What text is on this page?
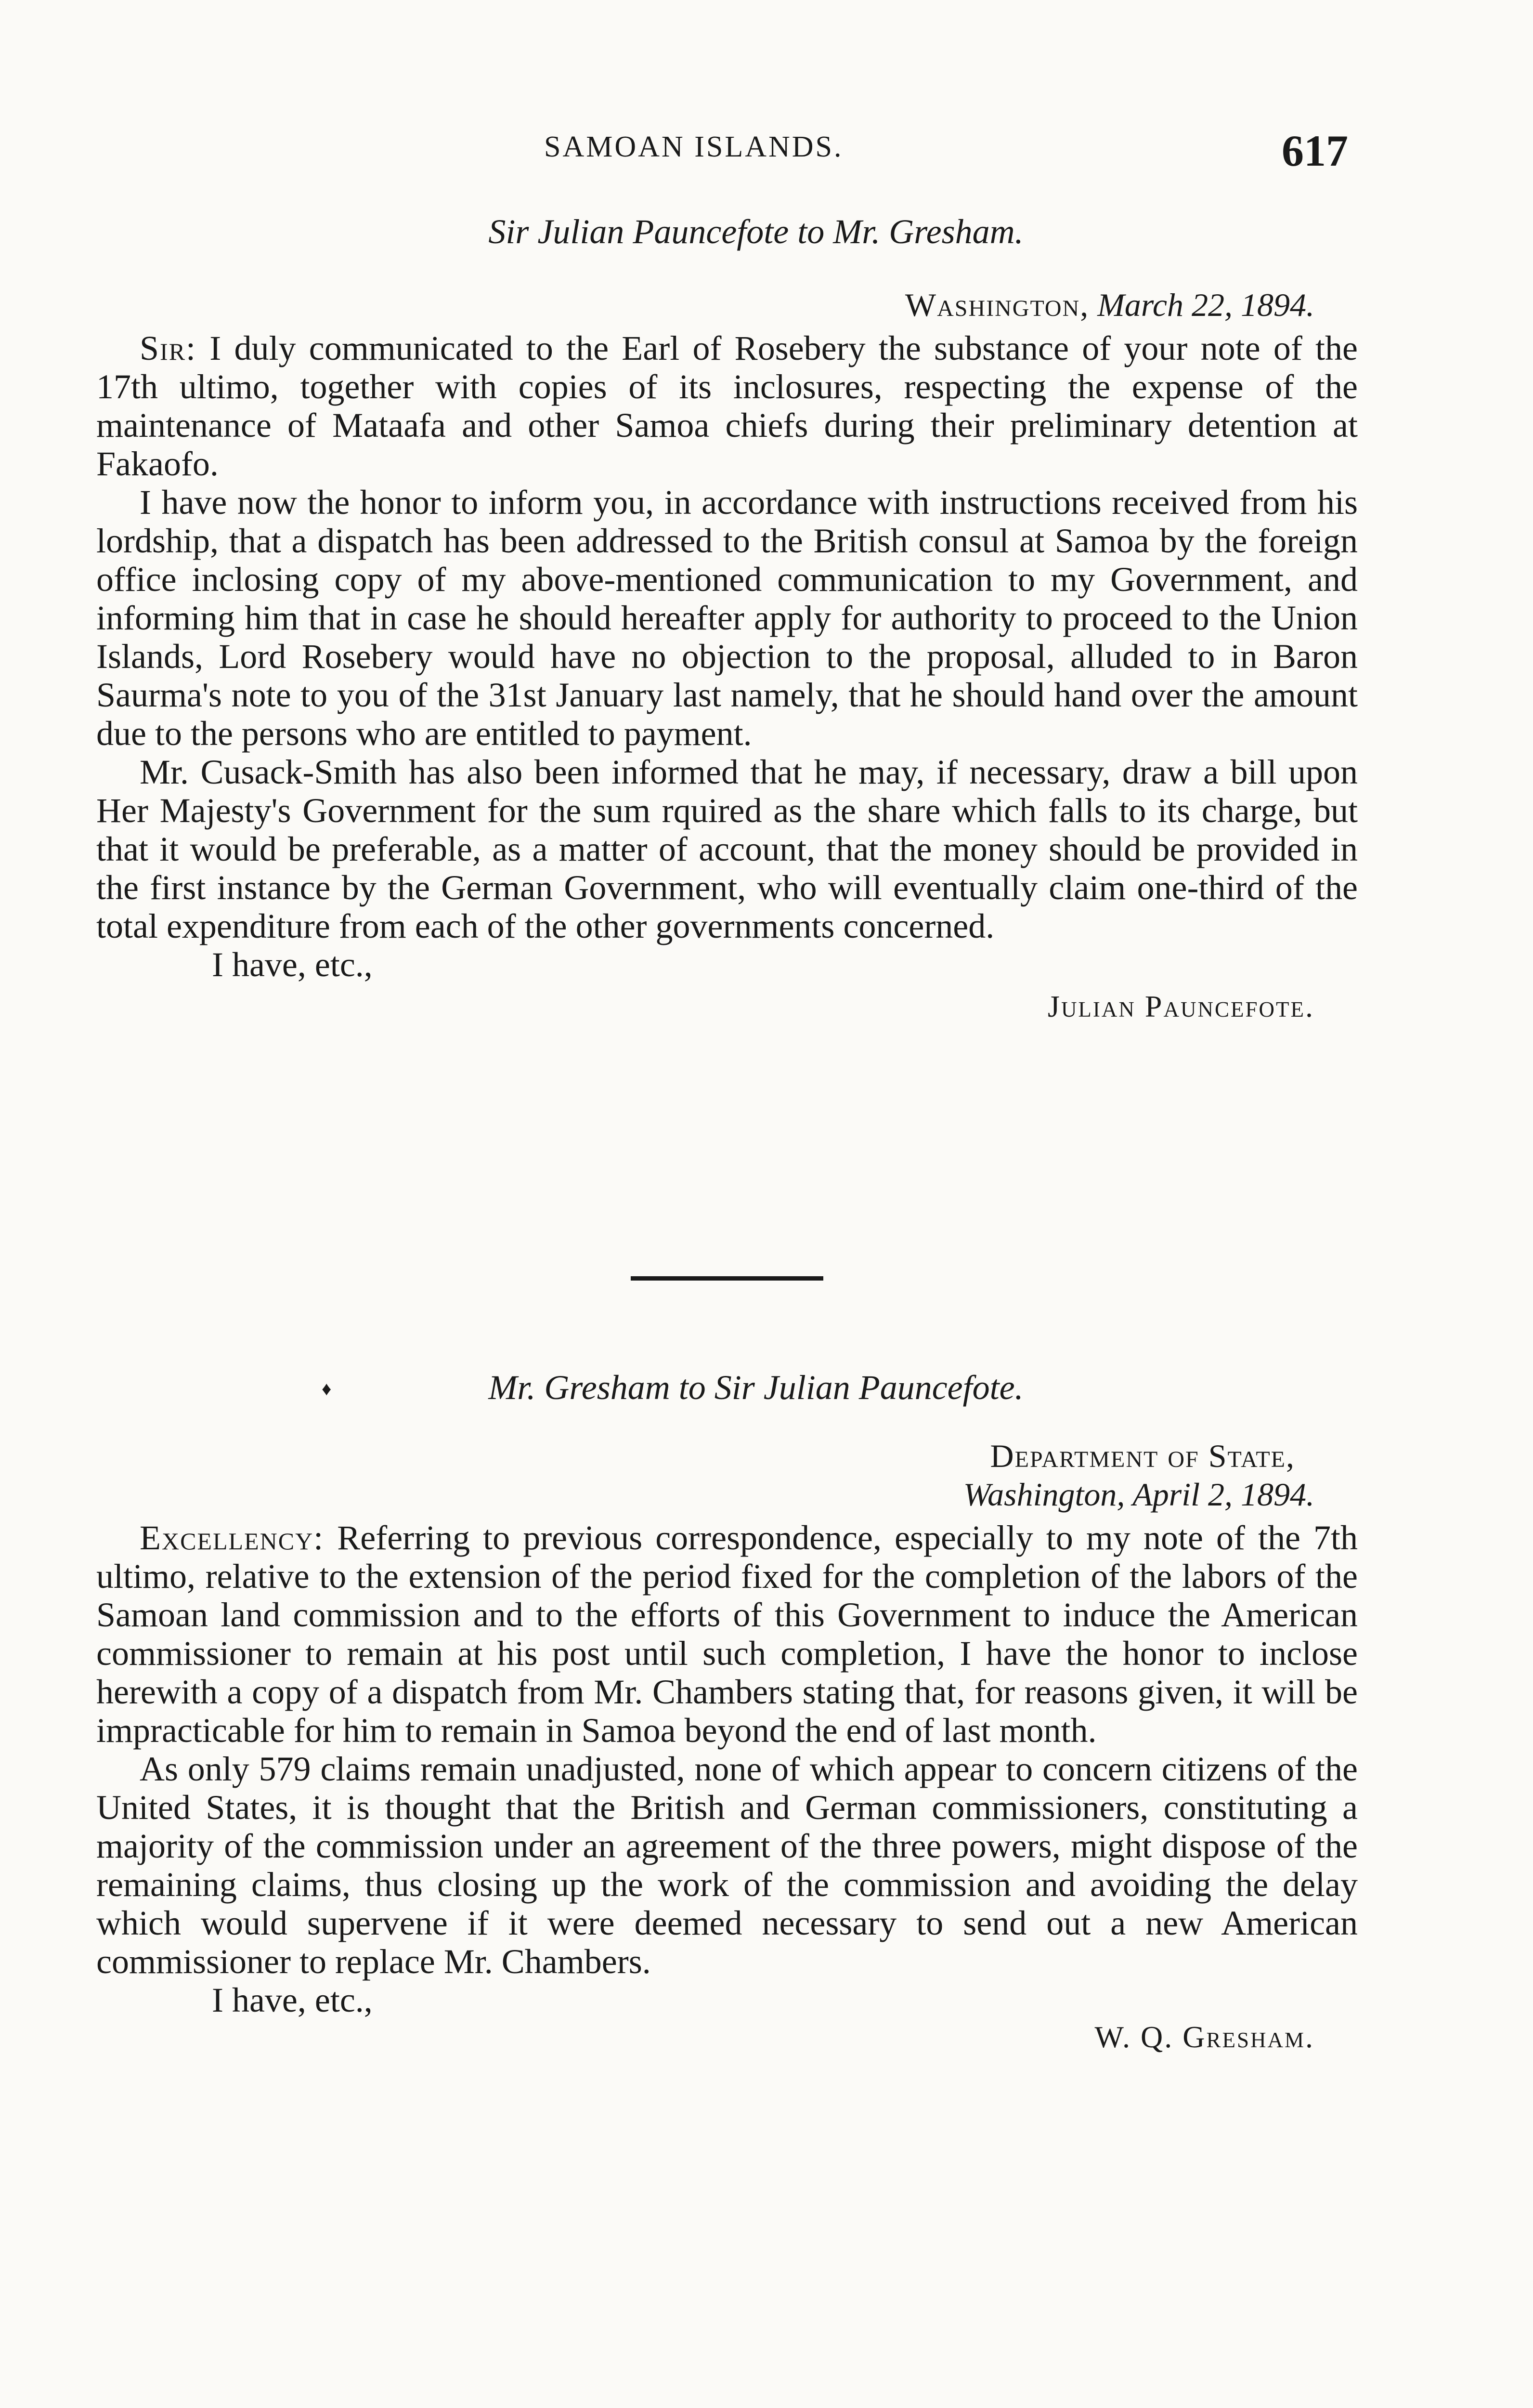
SAMOAN ISLANDS.	617
Sir Julian Pauncefote to Mr. Gresham.
Washington, March 22, 1894.

Sir: I duly communicated to the Earl of Rosebery the substance of your note of the 17th ultimo, together with copies of its inclosures, respecting the expense of the maintenance of Mataafa and other Samoa chiefs during their preliminary detention at Fakaofo.

I have now the honor to inform you, in accordance with instructions received from his lordship, that a dispatch has been addressed to the British consul at Samoa by the foreign office inclosing copy of my above-mentioned communication to my Government, and informing him that in case he should hereafter apply for authority to proceed to the Union Islands, Lord Rosebery would have no objection to the proposal, alluded to in Baron Saurma's note to you of the 31st January last namely, that he should hand over the amount due to the persons who are entitled to payment.

Mr. Cusack-Smith has also been informed that he may, if necessary, draw a bill upon Her Majesty's Government for the sum rquired as the share which falls to its charge, but that it would be preferable, as a matter of account, that the money should be provided in the first instance by the German Government, who will eventually claim one-third of the total expenditure from each of the other governments concerned.

I have, etc.,
Julian Pauncefote.
♦	Mr. Gresham to Sir Julian Pauncefote.
Department of State,
Washington, April 2, 1894.

Excellency: Referring to previous correspondence, especially to my note of the 7th ultimo, relative to the extension of the period fixed for the completion of the labors of the Samoan land commission and to the efforts of this Government to induce the American commissioner to remain at his post until such completion, I have the honor to inclose herewith a copy of a dispatch from Mr. Chambers stating that, for reasons given, it will be impracticable for him to remain in Samoa beyond the end of last month.

As only 579 claims remain unadjusted, none of which appear to concern citizens of the United States, it is thought that the British and German commissioners, constituting a majority of the commission under an agreement of the three powers, might dispose of the remaining claims, thus closing up the work of the commission and avoiding the delay which would supervene if it were deemed necessary to send out a new American commissioner to replace Mr. Chambers.

I have, etc.,
W. Q. Gresham.
